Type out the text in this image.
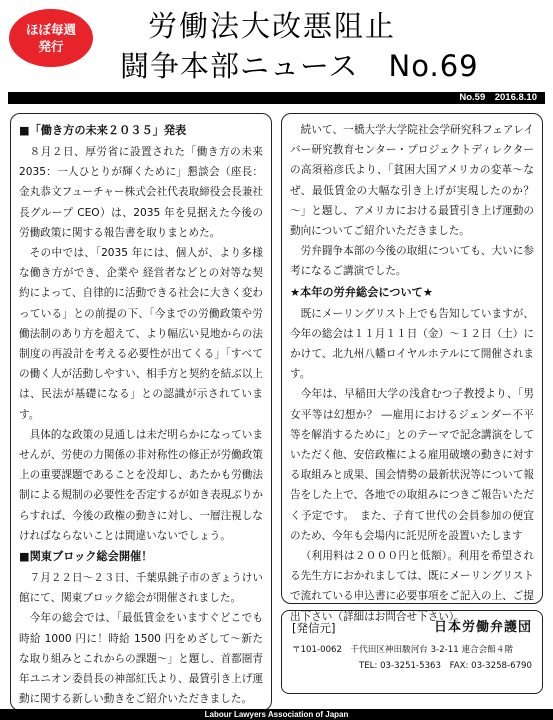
ほぼ毎週
発行
労働法大改悪阻止
闘争本部ニュース　No.69
No.59　2016.8.10
■「働き方の未来２０３５」発表

８月２日、厚労省に設置された「働き方の未来2035：一人ひとりが輝くために」懇談会（座長：金丸恭文フューチャー株式会社代表取締役会長兼社長グループ CEO）は、2035 年を見据えた今後の労働政策に関する報告書を取りまとめた。

その中では、「2035 年には、個人が、より多様な働き方ができ、企業や 経営者などとの対等な契約によって、自律的に活動できる社会に大きく変わっている」との前提の下、「今までの労働政策や労働法制のあり方を超えて、より幅広い見地からの法制度の再設計を考える必要性が出てくる」「すべての働く人が活動しやすい、相手方と契約を結ぶ以上は、民法が基礎になる」との認識が示されています。

具体的な政策の見通しは未だ明らかになっていませんが、労使の力関係の非対称性の修正が労働政策上の重要課題であることを没却し、あたかも労働法制による規制の必要性を否定するが如き表現ぶりからすれば、今後の政権の動きに対し、一層注視しなければならないことは間違いないでしょう。

■関東ブロック総会開催！

７月２２日～２３日、千葉県銚子市のぎょうけい館にて、関東ブロック総会が開催されました。

今年の総会では、「最低賃金をいますぐどこでも時給 1000 円に！時給 1500 円をめざして～新たな取り組みとこれからの課題～」と題し、首都圏青年ユニオン委員長の神部紅氏より、最賃引き上げ運動に関する新しい動きをご紹介いただきました。

続いて、一橋大学大学院社会学研究科フェアレイバー研究教育センター・プロジェクトディレクターの高須裕彦氏より、「貧困大国アメリカの変革～なぜ、最低賃金の大幅な引き上げが実現したのか？～」と題し、アメリカにおける最賃引き上げ運動の動向についてご紹介いただきました。

労弁闘争本部の今後の取組についても、大いに参考になるご講演でした。

★本年の労弁総会について★

既にメーリングリスト上でも告知していますが、今年の総会は１１月１１日（金）～１２日（土）にかけて、北九州八幡ロイヤルホテルにて開催されます。

今年は、早稲田大学の浅倉むつ子教授より、「男女平等は幻想か？ ―雇用におけるジェンダー不平等を解消するために」とのテーマで記念講演をしていただく他、安倍政権による雇用破壊の動きに対する取組みと成果、国会情勢の最新状況等について報告をした上で、各地での取組みにつきご報告いただく予定です。　また、子育て世代の会員参加の便宜のため、今年も会場内に託児所を設置いたします

（利用料は２０００円と低額）。利用を希望される先生方におかれましては、既にメーリングリストで流れている申込書に必要事項をご記入の上、ご提出下さい（詳細はお問合せ下さい）。

[発信元]	日本労働弁護団
〒101-0062　千代田区神田駿河台 3-2-11 連合会館４階
TEL: 03-3251-5363　FAX: 03-3258-6790
Labour Lawyers Association of Japan
